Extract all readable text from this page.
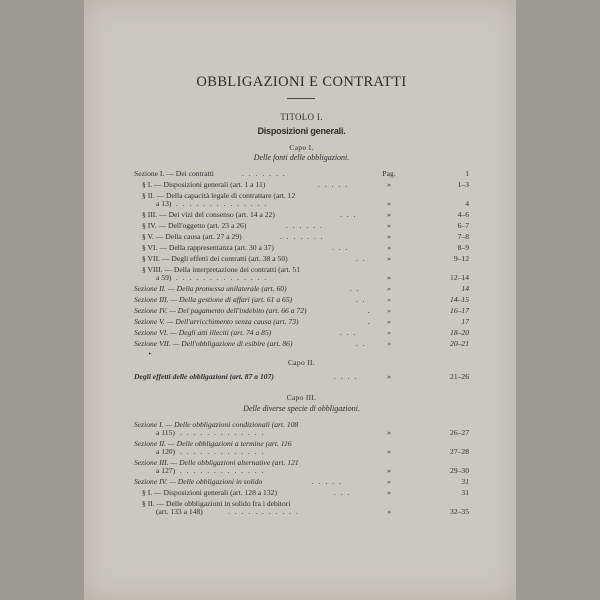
OBBLIGAZIONI E CONTRATTI
TITOLO I.
Disposizioni generali.
Capo I.
Delle fonti delle obbligazioni.
Sezione I. — Dei contratti	. . . . . . .	Pag.	1
§ I. — Disposizioni generali (art. 1 a 11)	. . . . .	»	1–3
§ II. — Della capacità legale di contrattare (art. 12
a 13) . . . . . . . . . . . . . .	»	4
§ III. — Dei vizi del consenso (art. 14 a 22)	. . .	»	4–6
§ IV. — Dell'oggetto (art. 23 a 26)	. . . . . .	»	6–7
§ V. — Della causa (art. 27 a 29)	. . . . . . .	»	7–8
§ VI. — Della rappresentanza (art. 30 a 37)	. . .	»	8–9
§ VII. — Degli effetti dei contratti (art. 38 a 50)	. .	»	9–12
§ VIII. — Della interpretazione dei contratti (art. 51
a 59) . . . . . . . . . . . . . .	»	12–14
Sezione II. — Della promessa unilaterale (art. 60)	. .	»	14
Sezione III. — Della gestione di affari (art. 61 a 65)	. .	»	14–15
Sezione IV. — Del pagamento dell'indebito (art. 66 a 72)	.	»	16–17
Sezione V. — Dell'arricchimento senza causa (art. 73)	.	»	17
Sezione VI. — Degli atti illeciti (art. 74 a 85)	. . .	»	18–20
Sezione VII. — Dell'obbligazione di esibire (art. 86)	. .	»	20–21
•
Capo II.
Degli effetti delle obbligazioni (art. 87 a 107)	. . . .	»	21–26
Capo III.
Delle diverse specie di obbligazioni.
Sezione I. — Delle obbligazioni condizionali (art. 108
a 115) . . . . . . . . . . . . .	»	26–27
Sezione II. — Delle obbligazioni a termine (art. 116
a 120) . . . . . . . . . . . . .	»	27–28
Sezione III. — Delle obbligazioni alternative (art. 121
a 127) . . . . . . . . . . . . .	»	29–30
Sezione IV. — Delle obbligazioni in solido	. . . . .	»	31
§ I. — Disposizioni generali (art. 128 a 132)	. . .	»	31
§ II. — Delle obbligazioni in solido fra i debitori
(art. 133 a 148)	. . . . . . . . . . .	»	32–35
